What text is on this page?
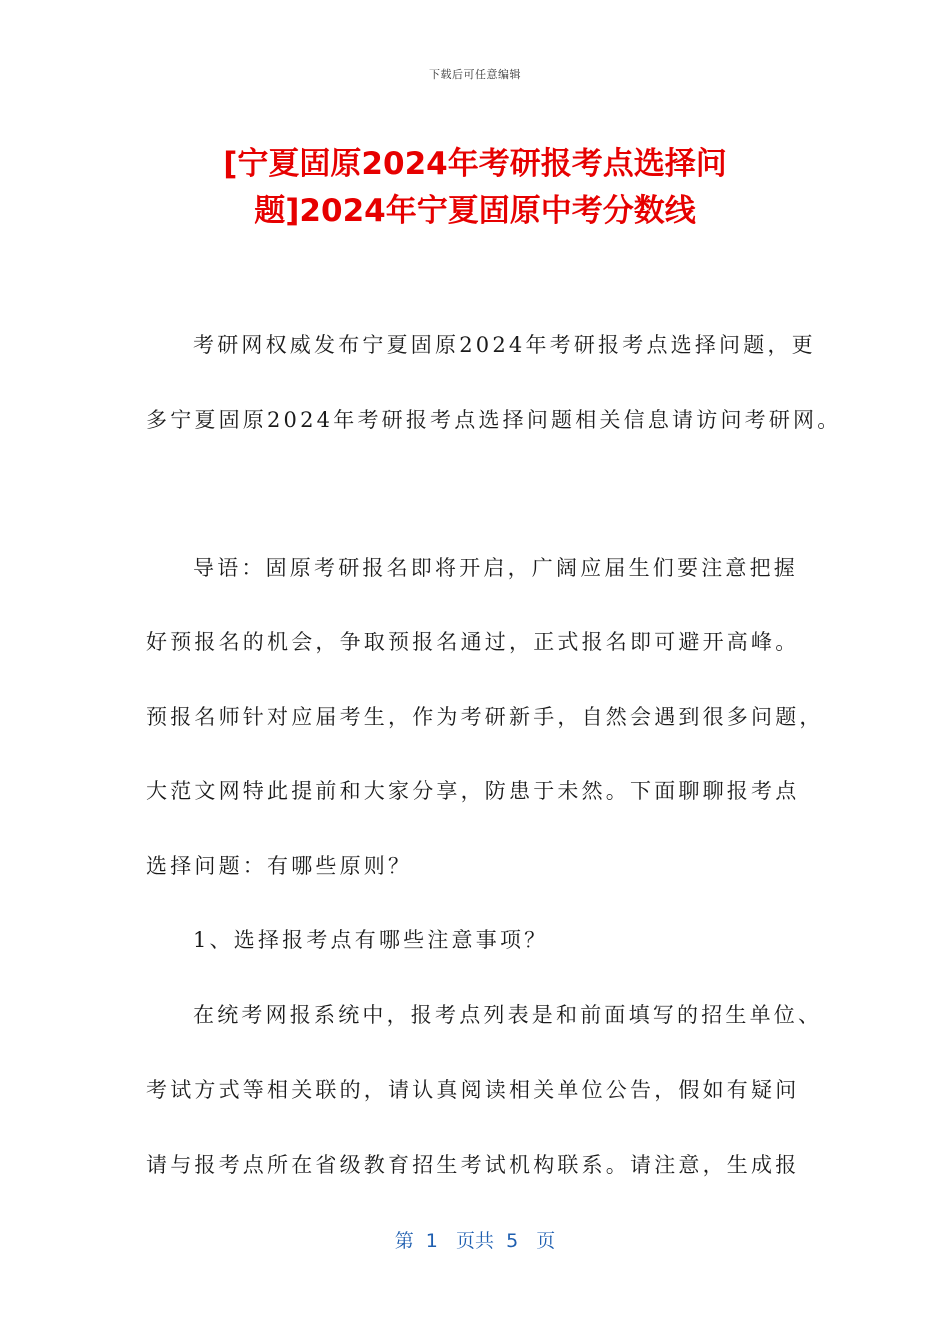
下载后可任意编辑
[宁夏固原2024年考研报考点选择问
题]2024年宁夏固原中考分数线
考研网权威发布宁夏固原2024年考研报考点选择问题，更
多宁夏固原2024年考研报考点选择问题相关信息请访问考研网。
导语：固原考研报名即将开启，广阔应届生们要注意把握
好预报名的机会，争取预报名通过，正式报名即可避开高峰。
预报名师针对应届考生，作为考研新手，自然会遇到很多问题，
大范文网特此提前和大家分享，防患于未然。下面聊聊报考点
选择问题：有哪些原则？
1、选择报考点有哪些注意事项？
在统考网报系统中，报考点列表是和前面填写的招生单位、
考试方式等相关联的，请认真阅读相关单位公告，假如有疑问
请与报考点所在省级教育招生考试机构联系。请注意，生成报
第  1   页共  5   页
